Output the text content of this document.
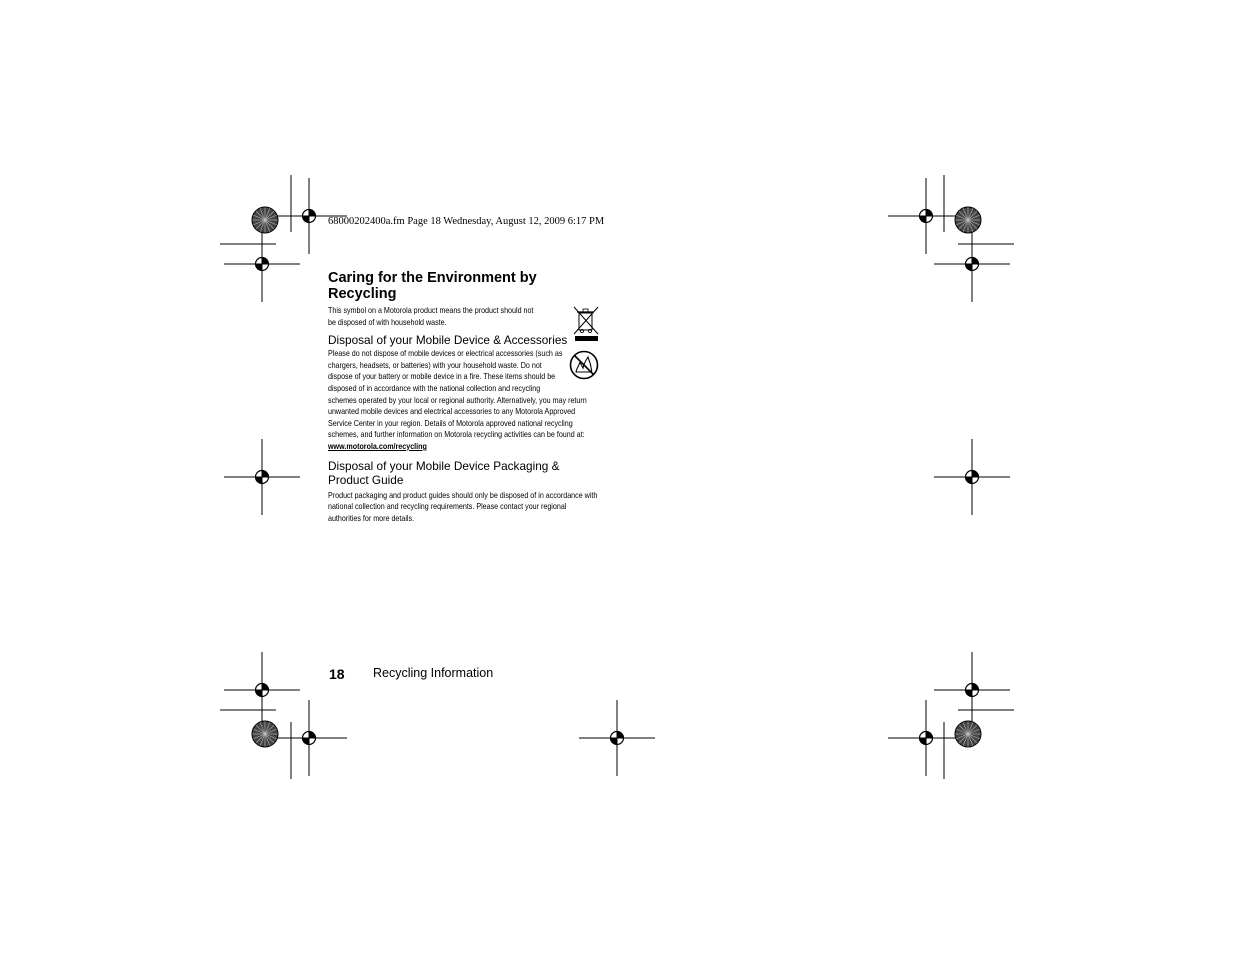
68000202400a.fm Page 18 Wednesday, August 12, 2009 6:17 PM
Caring for the Environment by Recycling

This symbol on a Motorola product means the product should not be disposed of with household waste.

Disposal of your Mobile Device & Accessories
Please do not dispose of mobile devices or electrical accessories (such as
chargers, headsets, or batteries) with your household waste. Do not
dispose of your battery or mobile device in a fire. These items should be
disposed of in accordance with the national collection and recycling
schemes operated by your local or regional authority. Alternatively, you may return
unwanted mobile devices and electrical accessories to any Motorola Approved
Service Center in your region. Details of Motorola approved national recycling
schemes, and further information on Motorola recycling activities can be found at:
www.motorola.com/recycling
Disposal of your Mobile Device Packaging & Product Guide
Product packaging and product guides should only be disposed of in accordance with
national collection and recycling requirements. Please contact your regional
authorities for more details.
18 Recycling Information
